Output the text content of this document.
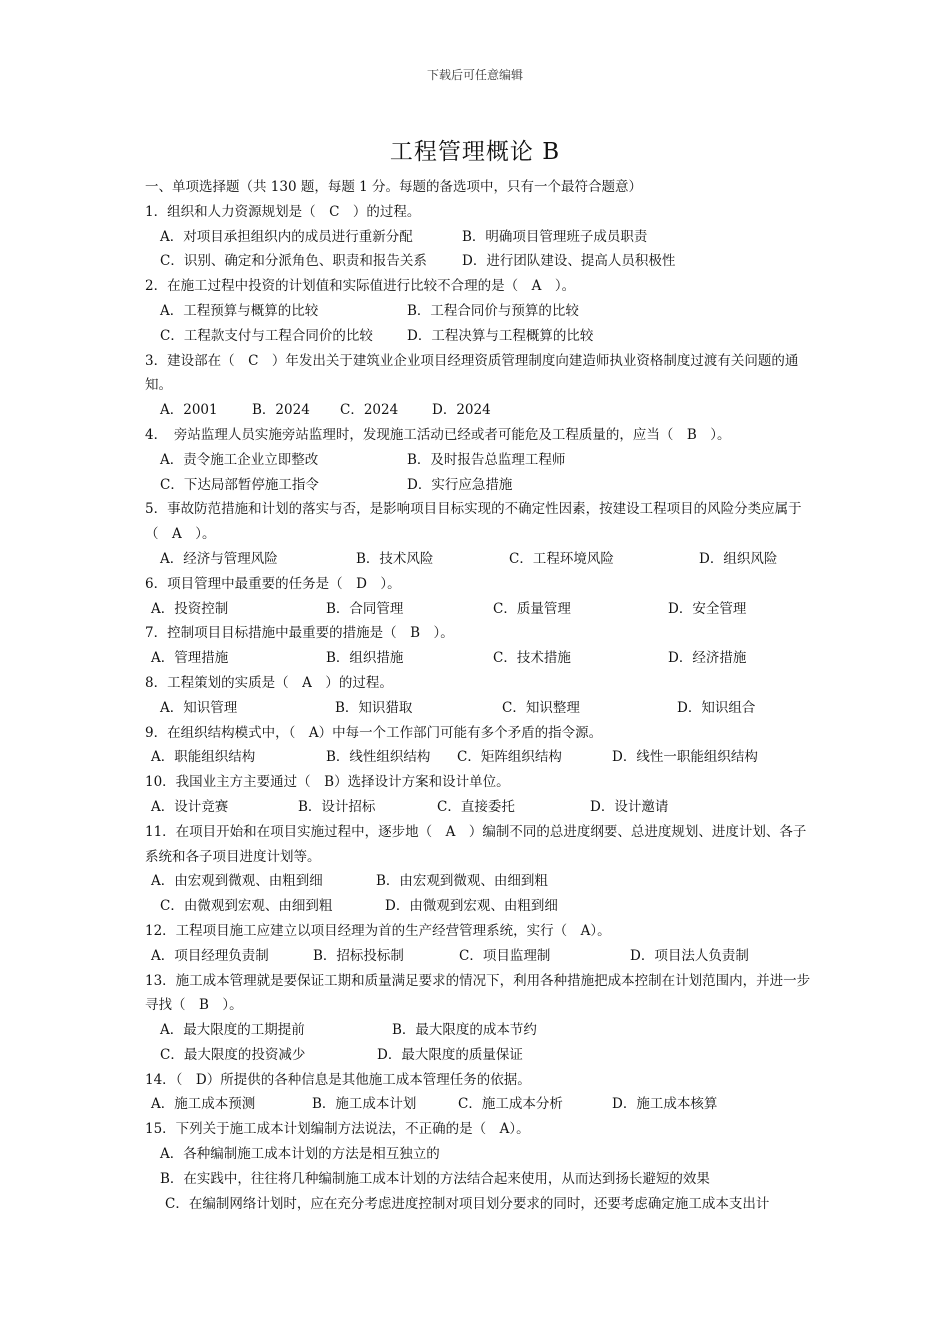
下载后可任意编辑
工程管理概论 B
一、单项选择题（共 130 题，每题 1 分。每题的备选项中，只有一个最符合题意）
1．组织和人力资源规划是（　C　）的过程。
A．对项目承担组织内的成员进行重新分配	B．明确项目管理班子成员职责
C．识别、确定和分派角色、职责和报告关系	D．进行团队建设、提高人员积极性
2．在施工过程中投资的计划值和实际值进行比较不合理的是（　A　）。
A．工程预算与概算的比较	B．工程合同价与预算的比较
C．工程款支付与工程合同价的比较	D．工程决算与工程概算的比较
3．建设部在（　C　）年发出关于建筑业企业项目经理资质管理制度向建造师执业资格制度过渡有关问题的通知。
A．2001	B．2024	C．2024	D．2024
4．　旁站监理人员实施旁站监理时，发现施工活动已经或者可能危及工程质量的，应当（　B　）。
A．责令施工企业立即整改	B．及时报告总监理工程师
C．下达局部暂停施工指令	D．实行应急措施
5．事故防范措施和计划的落实与否，是影响项目目标实现的不确定性因素，按建设工程项目的风险分类应属于（　A　）。
A．经济与管理风险	B．技术风险	C．工程环境风险	D．组织风险
6．项目管理中最重要的任务是（　D　）。
A．投资控制	B．合同管理	C．质量管理	D．安全管理
7．控制项目目标措施中最重要的措施是（　B　）。
A．管理措施	B．组织措施	C．技术措施	D．经济措施
8．工程策划的实质是（　A　）的过程。
A．知识管理	B．知识猎取	C．知识整理	D．知识组合
9．在组织结构模式中，（　A）中每一个工作部门可能有多个矛盾的指令源。
A．职能组织结构	B．线性组织结构	C．矩阵组织结构	D．线性一职能组织结构
10．我国业主方主要通过（　B）选择设计方案和设计单位。
A．设计竞赛	B．设计招标	C．直接委托	D．设计邀请
11．在项目开始和在项目实施过程中，逐步地（　A　）编制不同的总进度纲要、总进度规划、进度计划、各子系统和各子项目进度计划等。
A．由宏观到微观、由粗到细	B．由宏观到微观、由细到粗
C．由微观到宏观、由细到粗	D．由微观到宏观、由粗到细
12．工程项目施工应建立以项目经理为首的生产经营管理系统，实行（　A）。
A．项目经理负责制	B．招标投标制	C．项目监理制	D．项目法人负责制
13．施工成本管理就是要保证工期和质量满足要求的情况下，利用各种措施把成本控制在计划范围内，并进一步寻找（　B　）。
A．最大限度的工期提前	B．最大限度的成本节约
C．最大限度的投资减少	D．最大限度的质量保证
14．（　D）所提供的各种信息是其他施工成本管理任务的依据。
A．施工成本预测	B．施工成本计划	C．施工成本分析	D．施工成本核算
15．下列关于施工成本计划编制方法说法，不正确的是（　A）。
A．各种编制施工成本计划的方法是相互独立的
B．在实践中，往往将几种编制施工成本计划的方法结合起来使用，从而达到扬长避短的效果
C．在编制网络计划时，应在充分考虑进度控制对项目划分要求的同时，还要考虑确定施工成本支出计
